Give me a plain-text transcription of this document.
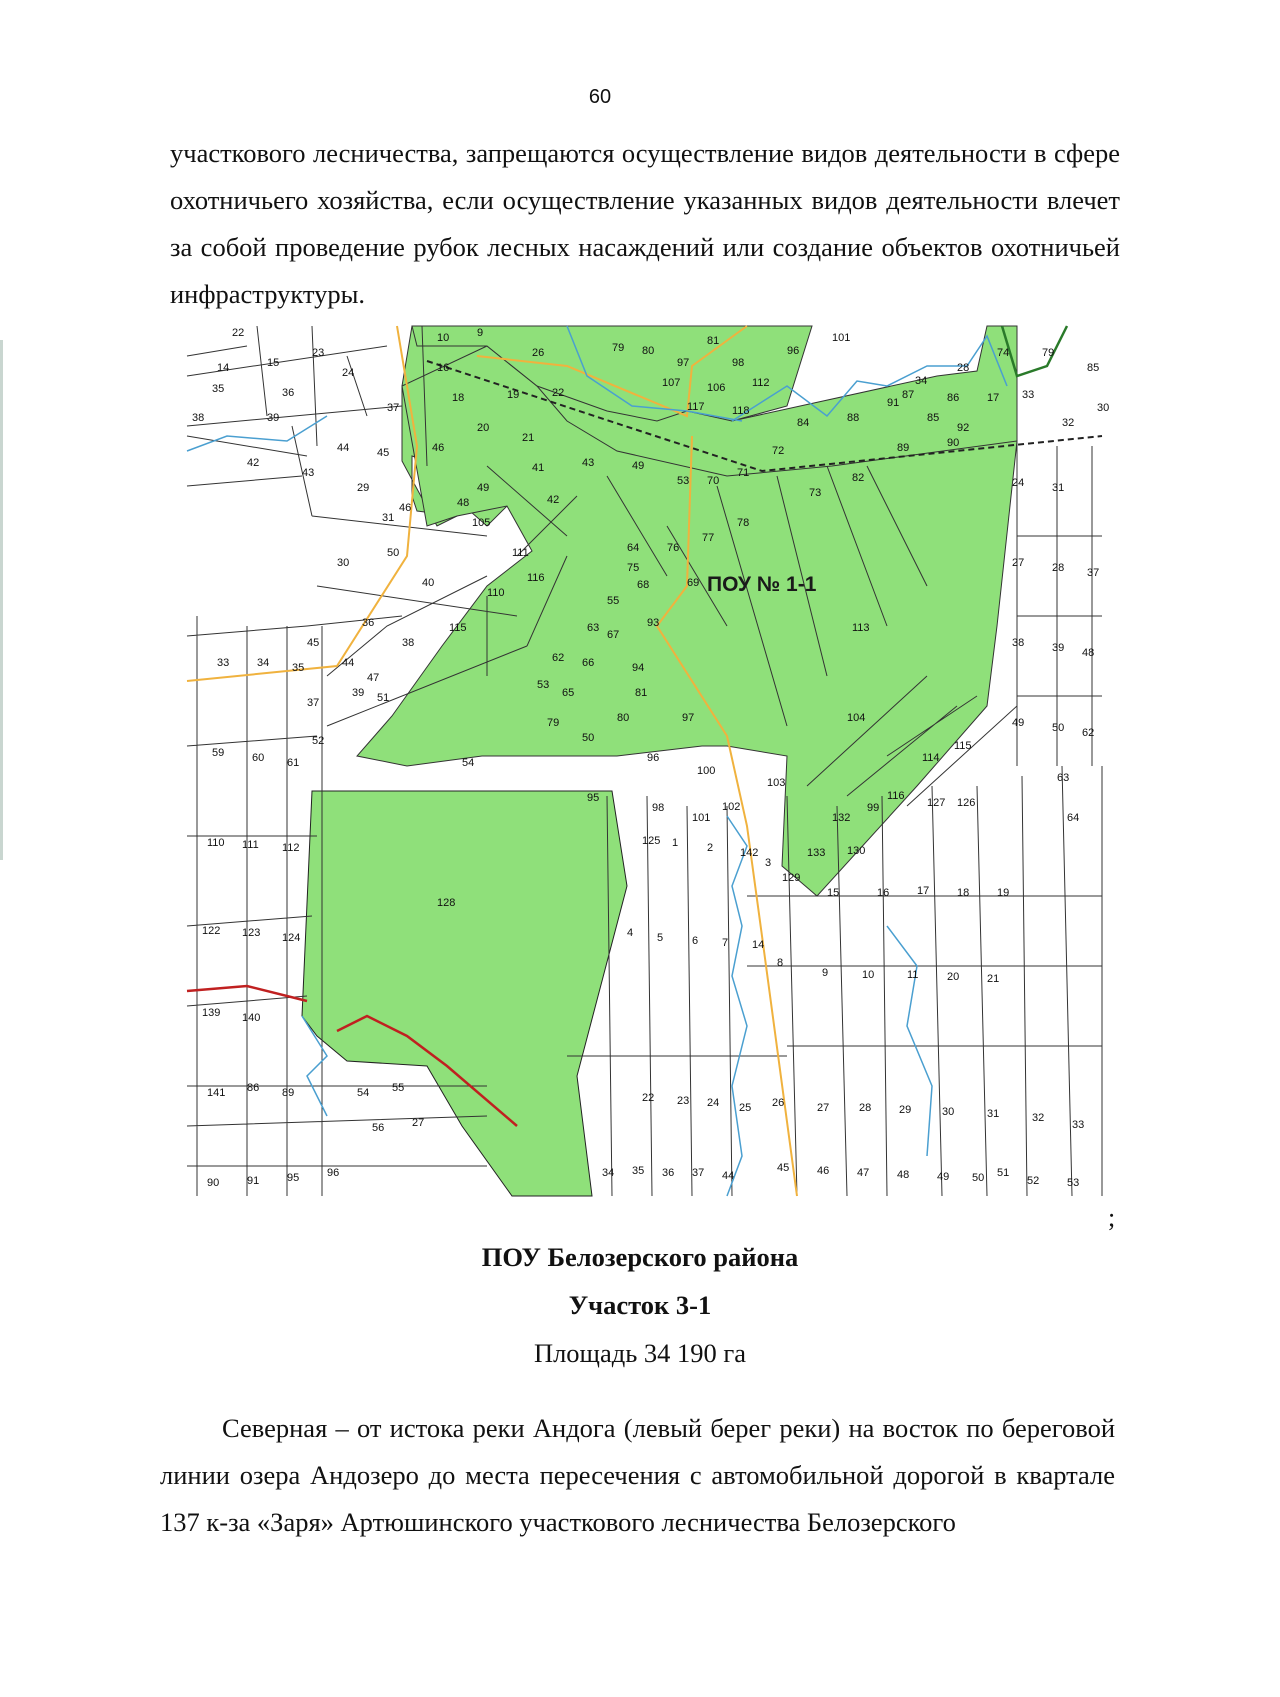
60

участкового лесничества, запрещаются осуществление видов деятельности в сфере охотничьего хозяйства, если осуществление указанных видов деятельности влечет за собой проведение рубок лесных насаждений или создание объектов охотничьей инфраструктуры.

22
14	15
23
24
35	36
37
38	39
42
43
44	45
29
31
30
36
38
33	34 35
59	60 61
110 111 112
122 123 124
139 140
141 86 89
90	91	95	96
10	9
26
16
18	19
20
21
46
49
48
22
41
42
43	49
53 70
71
72
73
82
89	90
92
91
88
84
74	79
85
85
28
17 33
86
87
34
32
30
24	31
27	28 37
38	39 48
49	50 62
63
64
79 80
81
97	98
96
101
107 106 112
117 118
105
111
116
110
115
40
46
50
45
44
39
47
37	51
52
54
53
62
63
55
64
65
66
67
68	69
75
76
77
78
50
79	80
81
94
93
95
96
97
98
100
101
102
103
104
113
114
115
116
99
132
133 130
129
127 126
128
125 1	2 142
3
4 5	6 7 14
15	16	17	18	19
8
9	10	11	20	21
22 23 24 25 26	27	28	29	30	31	32
33
34 35 36 37 44
45	46	47	48	49 50 51
52	53
54 55
56	27
ПОУ № 1-1
;
ПОУ Белозерского района
Участок 3-1
Площадь 34 190 га

Северная – от истока реки Андога (левый берег реки) на восток по береговой линии озера Андозеро до места пересечения с автомобильной дорогой в квартале 137 к-за «Заря» Артюшинского участкового лесничества Белозерского
